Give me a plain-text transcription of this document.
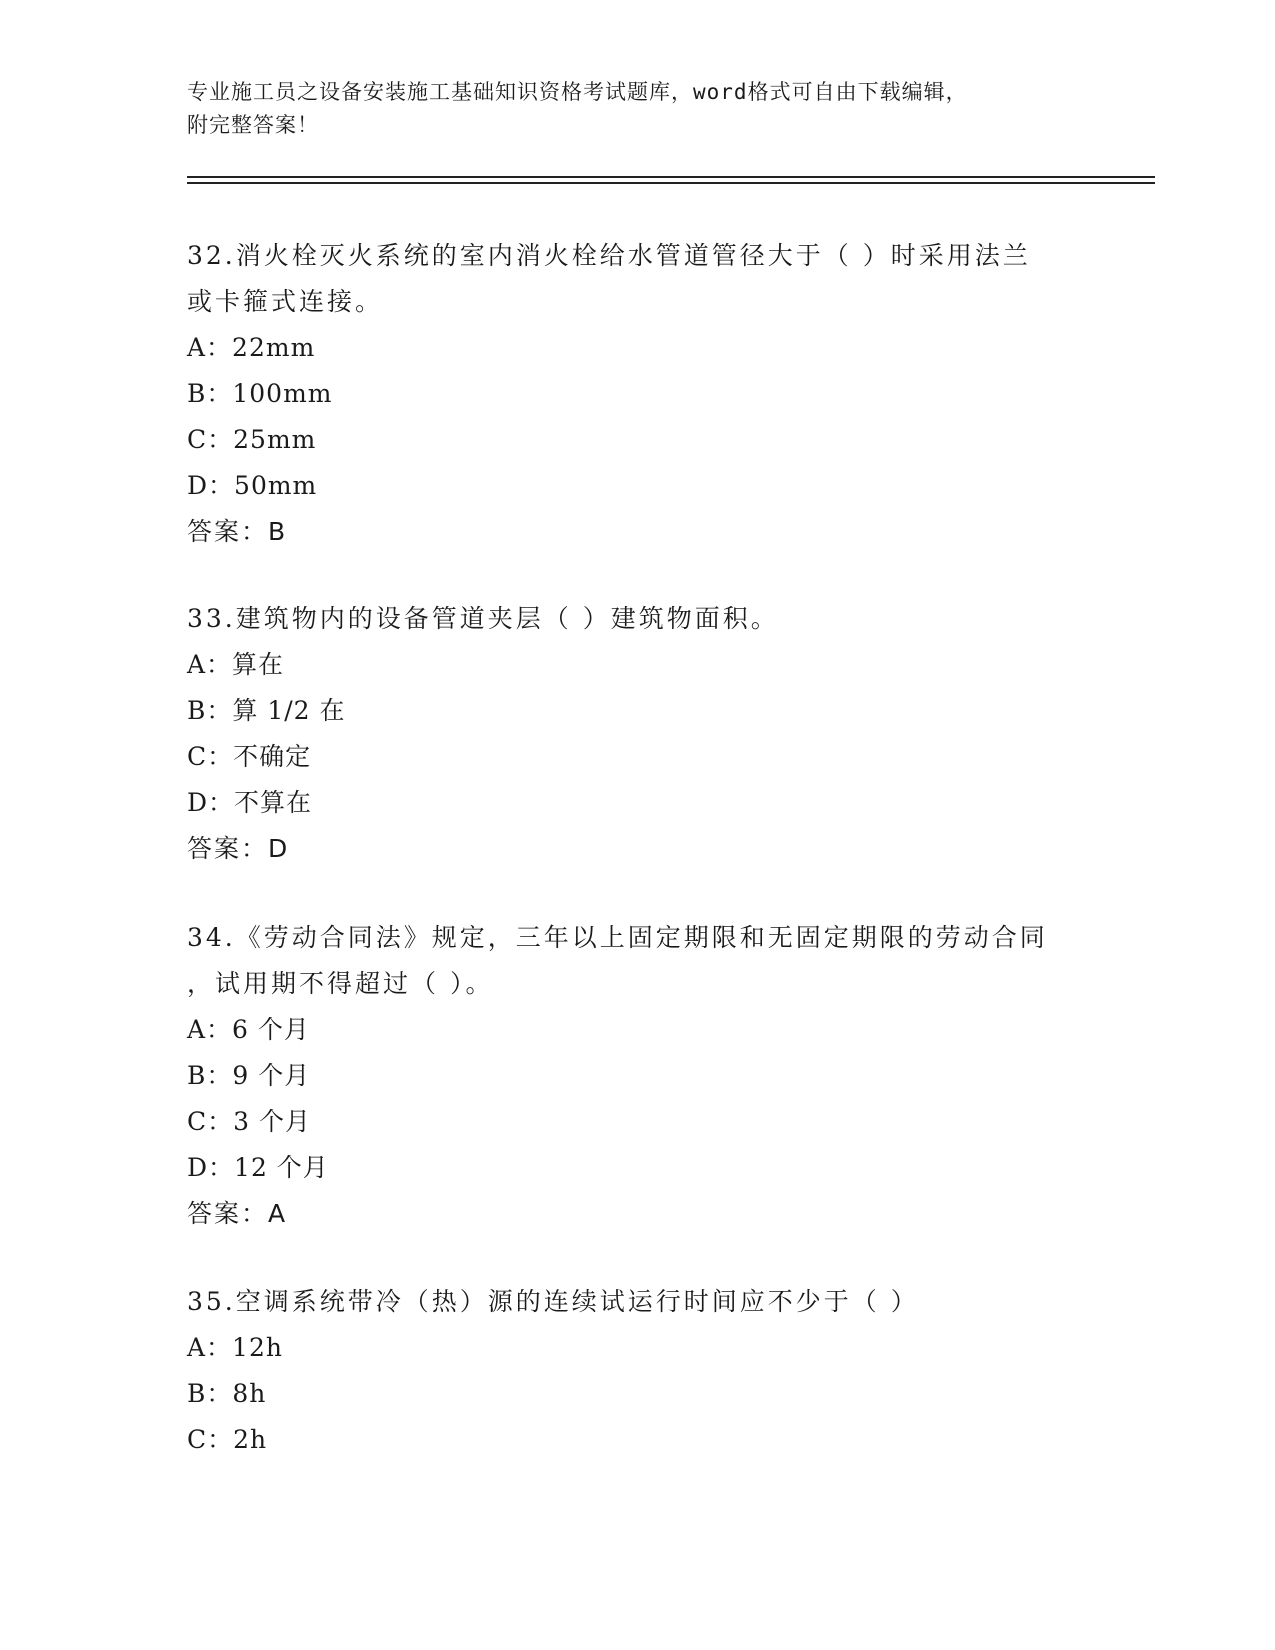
专业施工员之设备安装施工基础知识资格考试题库，word格式可自由下载编辑，
附完整答案！
32.消火栓灭火系统的室内消火栓给水管道管径大于（ ）时采用法兰
或卡箍式连接。
A：22mm
B：100mm
C：25mm
D：50mm
答案：B
33.建筑物内的设备管道夹层（ ）建筑物面积。
A：算在
B：算 1/2 在
C：不确定
D：不算在
答案：D
34.《劳动合同法》规定，三年以上固定期限和无固定期限的劳动合同
，试用期不得超过（ ）。
A：6 个月
B：9 个月
C：3 个月
D：12 个月
答案：A
35.空调系统带冷（热）源的连续试运行时间应不少于（ ）
A：12h
B：8h
C：2h
